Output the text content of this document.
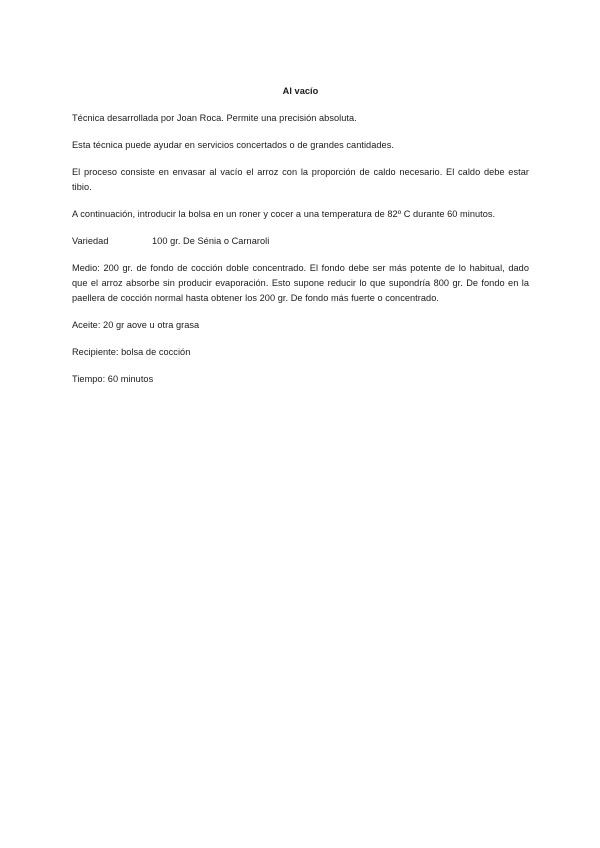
Al vacío

Técnica desarrollada por Joan Roca. Permite una precisión absoluta.

Esta técnica puede ayudar en servicios concertados o de grandes cantidades.

El proceso consiste en envasar al vacío el arroz con la proporción de caldo necesario. El caldo debe estar tibio.

A continuación, introducir la bolsa en un roner y cocer a una temperatura de 82º C durante 60 minutos.

Variedad	100 gr. De Sénia o Carnaroli

Medio: 200 gr. de fondo de cocción doble concentrado. El fondo debe ser más potente de lo habitual, dado que el arroz absorbe sin producir evaporación. Esto supone reducir lo que supondría 800 gr. De fondo en la paellera de cocción normal hasta obtener los 200 gr. De fondo más fuerte o concentrado.

Aceite: 20 gr aove u otra grasa

Recipiente: bolsa de cocción

Tiempo: 60 minutos
